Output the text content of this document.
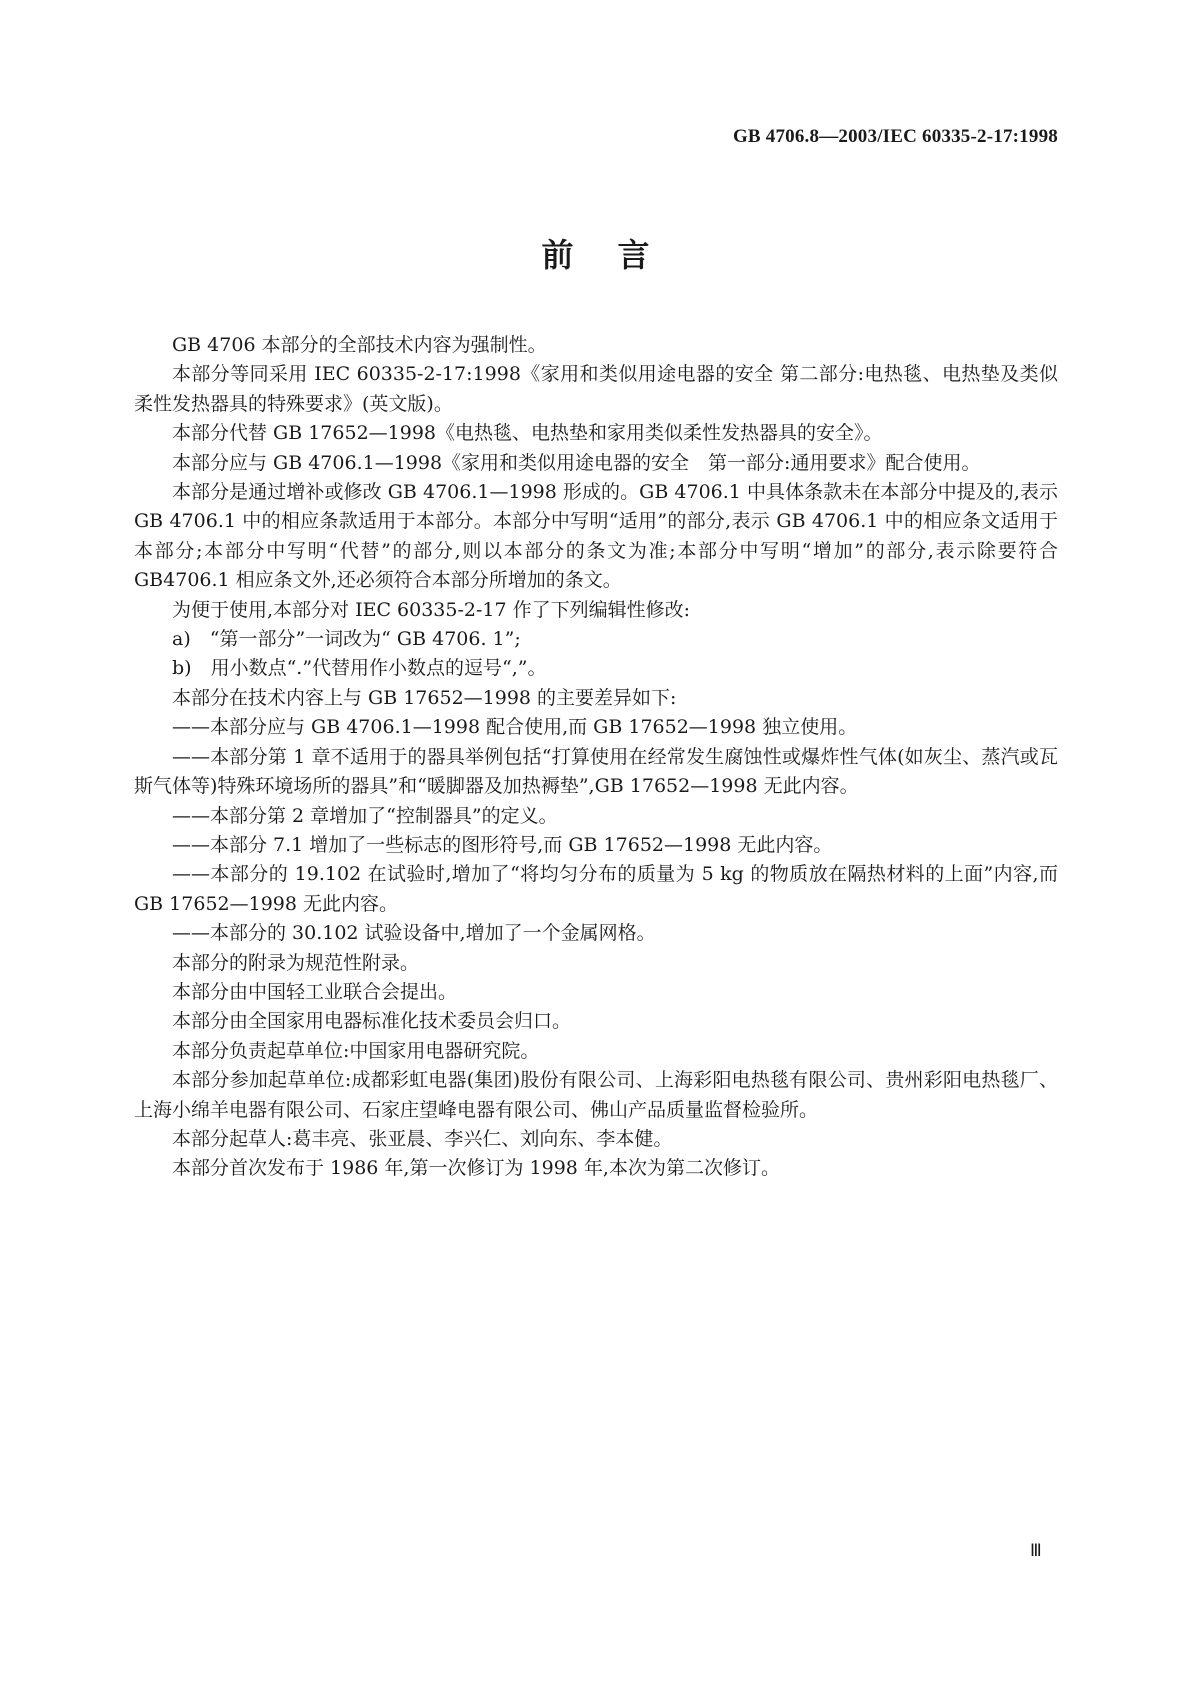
GB 4706.8—2003/IEC 60335-2-17:1998
前言

GB 4706 本部分的全部技术内容为强制性。

本部分等同采用 IEC 60335-2-17:1998《家用和类似用途电器的安全 第二部分:电热毯、电热垫及类似柔性发热器具的特殊要求》(英文版)。

本部分代替 GB 17652—1998《电热毯、电热垫和家用类似柔性发热器具的安全》。

本部分应与 GB 4706.1—1998《家用和类似用途电器的安全　第一部分:通用要求》配合使用。

本部分是通过增补或修改 GB 4706.1—1998 形成的。GB 4706.1 中具体条款未在本部分中提及的,表示 GB 4706.1 中的相应条款适用于本部分。本部分中写明“适用”的部分,表示 GB 4706.1 中的相应条文适用于本部分;本部分中写明“代替”的部分,则以本部分的条文为准;本部分中写明“增加”的部分,表示除要符合 GB4706.1 相应条文外,还必须符合本部分所增加的条文。

为便于使用,本部分对 IEC 60335-2-17 作了下列编辑性修改:

a)　“第一部分”一词改为“ GB 4706. 1”;

b)　用小数点“.”代替用作小数点的逗号“,”。

本部分在技术内容上与 GB 17652—1998 的主要差异如下:

——本部分应与 GB 4706.1—1998 配合使用,而 GB 17652—1998 独立使用。

——本部分第 1 章不适用于的器具举例包括“打算使用在经常发生腐蚀性或爆炸性气体(如灰尘、蒸汽或瓦斯气体等)特殊环境场所的器具”和“暖脚器及加热褥垫”,GB 17652—1998 无此内容。

——本部分第 2 章增加了“控制器具”的定义。

——本部分 7.1 增加了一些标志的图形符号,而 GB 17652—1998 无此内容。

——本部分的 19.102 在试验时,增加了“将均匀分布的质量为 5 kg 的物质放在隔热材料的上面”内容,而 GB 17652—1998 无此内容。

——本部分的 30.102 试验设备中,增加了一个金属网格。

本部分的附录为规范性附录。

本部分由中国轻工业联合会提出。

本部分由全国家用电器标准化技术委员会归口。

本部分负责起草单位:中国家用电器研究院。

本部分参加起草单位:成都彩虹电器(集团)股份有限公司、上海彩阳电热毯有限公司、贵州彩阳电热毯厂、上海小绵羊电器有限公司、石家庄望峰电器有限公司、佛山产品质量监督检验所。

本部分起草人:葛丰亮、张亚晨、李兴仁、刘向东、李本健。

本部分首次发布于 1986 年,第一次修订为 1998 年,本次为第二次修订。

Ⅲ
